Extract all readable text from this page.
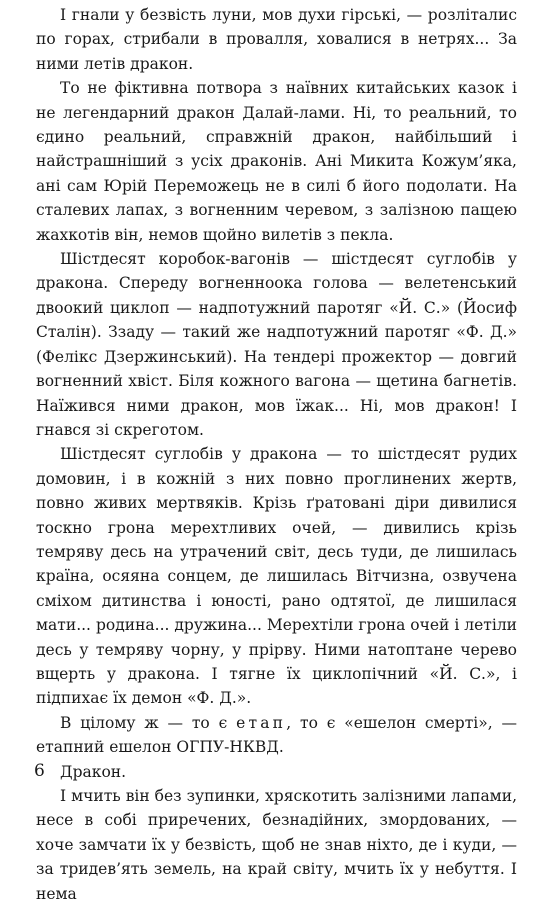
І гнали у безвість луни, мов духи гірські, — розліталис по горах, стрибали в провалля, ховалися в нетрях... За ними летів дракон.

То не фіктивна потвора з наївних китайських казок і не легендарний дракон Далай-лами. Ні, то реальний, то єдино реальний, справжній дракон, найбільший і найстрашніший з усіх драконів. Ані Микита Кожум’яка, ані сам Юрій Переможець не в силі б його подолати. На сталевих лапах, з вогненним черевом, з залізною пащею жахкотів він, немов щойно вилетів з пекла.

Шістдесят коробок-вагонів — шістдесят суглобів у дракона. Спереду вогненноока голова — велетенський двоокий циклоп — надпотужний паротяг «Й. С.» (Йосиф Сталін). Ззаду — такий же надпотужний паротяг «Ф. Д.» (Фелікс Дзержинський). На тендері прожектор — довгий вогненний хвіст. Біля кожного вагона — щетина багнетів. Наїжився ними дракон, мов їжак... Ні, мов дракон! І гнався зі скреготом.

Шістдесят суглобів у дракона — то шістдесят рудих домовин, і в кожній з них повно проглинених жертв, повно живих мертвяків. Крізь ґратовані діри дивилися тоскно грона мерехтливих очей, — дивились крізь темряву десь на утрачений світ, десь туди, де лишилась країна, осяяна сонцем, де лишилась Вітчизна, озвучена сміхом дитинства і юності, рано одтятої, де лишилася мати... родина... дружина... Мерехтіли грона очей і летіли десь у темряву чорну, у прірву. Ними натоптане черево вщерть у дракона. І тягне їх циклопічний «Й. С.», і підпихає їх демон «Ф. Д.».

В цілому ж — то є етап, то є «ешелон смерті», — етапний ешелон ОГПУ-НКВД.

Дракон.

І мчить він без зупинки, хряскотить залізними лапами, несе в собі приречених, безнадійних, змордованих, — хоче замчати їх у безвість, щоб не знав ніхто, де і куди, — за тридев’ять земель, на край світу, мчить їх у небуття. І нема

6
